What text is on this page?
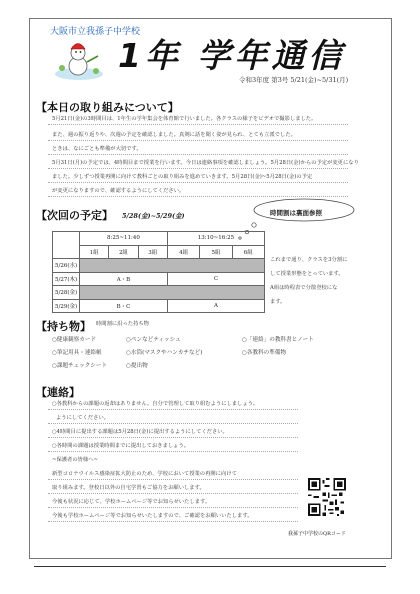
大阪市立我孫子中学校
1年 学年通信
令和3年度 第3号 5/21(金)~5/31(月)
【本日の取り組みについて】
5月21日(金)の3時間目は、1年生の学年集会を体育館で行いました。各クラスの様子をビデオで撮影しました。
また、週の振り返りや、次週の予定を確認しました。真剣に話を聞く姿が見られ、とても立派でした。
ときは、なにごとも準備が大切です。
5月31日(月)の予定では、4時間目まで授業を行います。今日は連絡事項を確認しましょう。5月28日(金)からの予定が変更になり
ました。少しずつ授業再開に向けて教科ごとの取り組みを進めていきます。5月28日(金)~5月28日(金)の予定
が変更になりますので、確認するようにしてください。
【次回の予定】 5/28(金)~5/29(金)	時間割は裏面参照
	8:25~11:40			13:10~16:25		
	1組	2組	3組	4組	5組	6組
5/26(水)						
5/27(木)	A・B			C		
5/28(金)						
5/29(金)	B・C			A		
これまで通り、クラスを3分割に
して授業形態をとっています。
A組は時程表で分散登校にな
ます。
【持ち物】 時間割に沿った持ち物
○健康観察カード	○ペンなどティッシュ	○「連絡」の教科書とノート
○筆記用具・連絡帳	○水筒(マスクやハンカチなど)	○各教科の準備物
○課題チェックシート	○提出物
【連絡】
○各教科からの課題の返却はありません。自分で管理して取り組むようにしましょう。
ようにしてください。
○4時間目に提出する課題は5月28日(金)に提出するようにしてください。
○各時間の課題は授業時間までに提出しておきましょう。
~保護者の皆様へ~
新型コロナウイルス感染症拡大防止のため、学校において授業の再開に向けて
取り組みます。登校日以外の自宅学習もご協力をお願いします。
今後も状況に応じて、学校ホームページ等でお知らせいたします。
今後も学校ホームページ等でお知らせいたしますので、ご確認をお願いいたします。
我孫子中学校のQRコード
